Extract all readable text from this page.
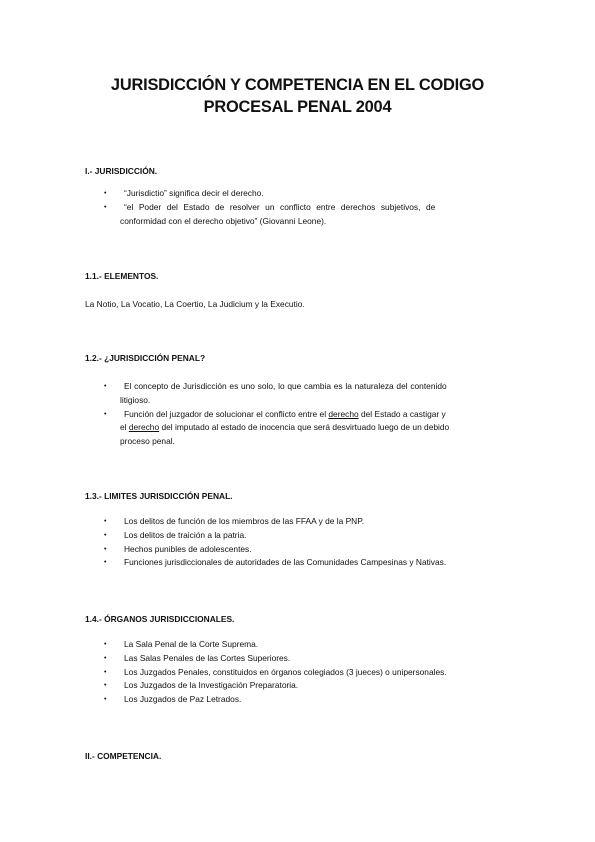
JURISDICCIÓN Y COMPETENCIA EN EL CODIGO
PROCESAL PENAL 2004
I.- JURISDICCIÓN.
•	“Jurisdictio” significa decir el derecho.
•	“el Poder del Estado de resolver un conflicto entre derechos subjetivos, de
conformidad con el derecho objetivo” (Giovanni Leone).
1.1.- ELEMENTOS.
La Notio, La Vocatio, La Coertio, La Judicium y la Executio.
1.2.- ¿JURISDICCIÓN PENAL?
•	El concepto de Jurisdicción es uno solo, lo que cambia es la naturaleza del contenido
litigioso.
•	Función del juzgador de solucionar el conflicto entre el derecho del Estado a castigar y
el derecho del imputado al estado de inocencia que será desvirtuado luego de un debido
proceso penal.
1.3.- LIMITES JURISDICCIÓN PENAL.
•	Los delitos de función de los miembros de las FFAA y de la PNP.
•	Los delitos de traición a la patria.
•	Hechos punibles de adolescentes.
•	Funciones jurisdiccionales de autoridades de las Comunidades Campesinas y Nativas.
1.4.- ÓRGANOS JURISDICCIONALES.
•	La Sala Penal de la Corte Suprema.
•	Las Salas Penales de las Cortes Superiores.
•	Los Juzgados Penales, constituidos en órganos colegiados (3 jueces) o unipersonales.
•	Los Juzgados de la Investigación Preparatoria.
•	Los Juzgados de Paz Letrados.
II.- COMPETENCIA.
